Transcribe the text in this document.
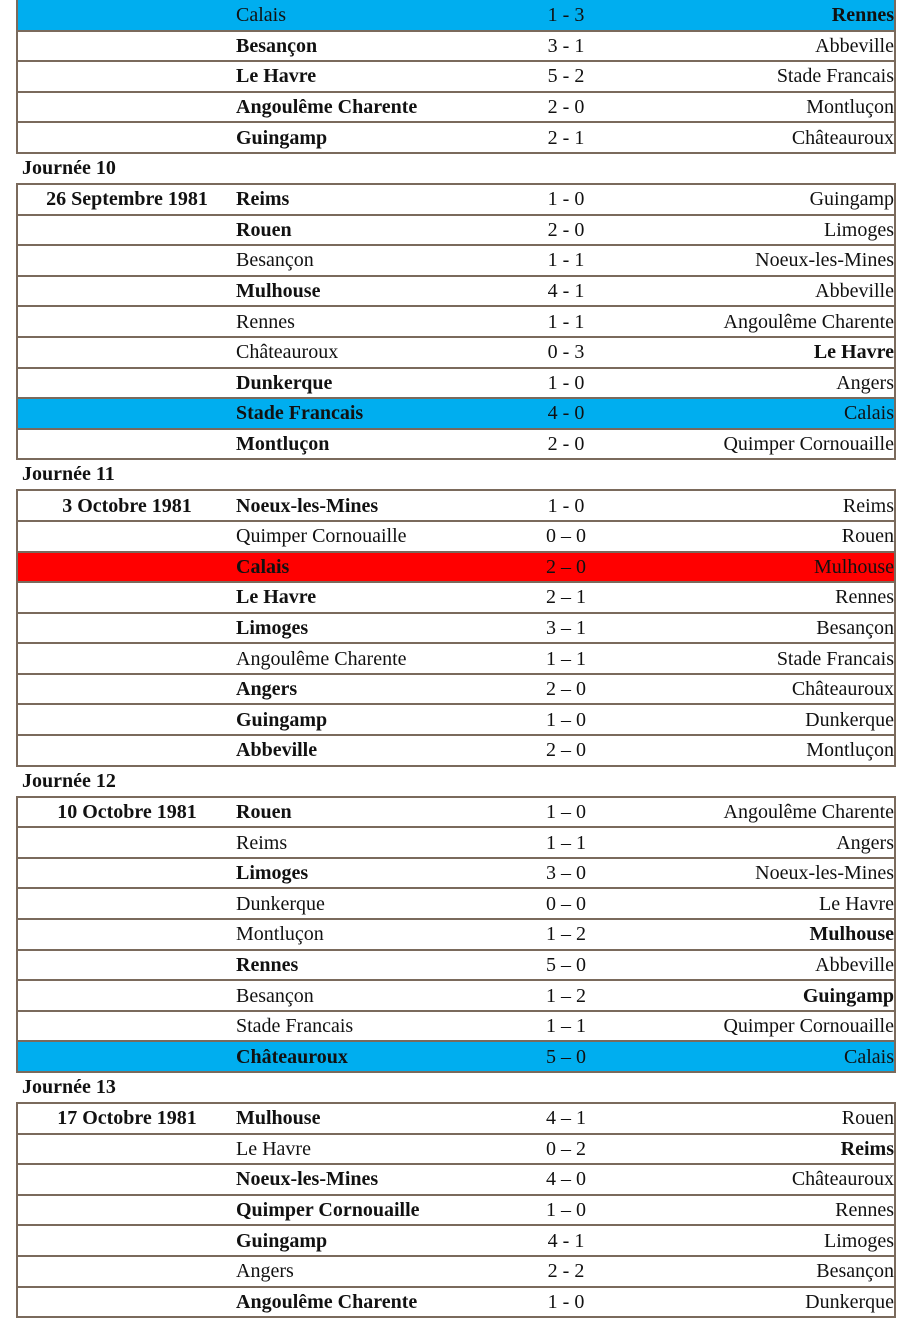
	Calais	1 - 3	Rennes
	Besançon	3 - 1	Abbeville
	Le Havre	5 - 2	Stade Francais
	Angoulême Charente	2 - 0	Montluçon
	Guingamp	2 - 1	Châteauroux
Journée 10
26 Septembre 1981	Reims	1 - 0	Guingamp
	Rouen	2 - 0	Limoges
	Besançon	1 - 1	Noeux-les-Mines
	Mulhouse	4 - 1	Abbeville
	Rennes	1 - 1	Angoulême Charente
	Châteauroux	0 - 3	Le Havre
	Dunkerque	1 - 0	Angers
	Stade Francais	4 - 0	Calais
	Montluçon	2 - 0	Quimper Cornouaille
Journée 11
3 Octobre 1981	Noeux-les-Mines	1 - 0	Reims
	Quimper Cornouaille	0 – 0	Rouen
	Calais	2 – 0	Mulhouse
	Le Havre	2 – 1	Rennes
	Limoges	3 – 1	Besançon
	Angoulême Charente	1 – 1	Stade Francais
	Angers	2 – 0	Châteauroux
	Guingamp	1 – 0	Dunkerque
	Abbeville	2 – 0	Montluçon
Journée 12
10 Octobre 1981	Rouen	1 – 0	Angoulême Charente
	Reims	1 – 1	Angers
	Limoges	3 – 0	Noeux-les-Mines
	Dunkerque	0 – 0	Le Havre
	Montluçon	1 – 2	Mulhouse
	Rennes	5 – 0	Abbeville
	Besançon	1 – 2	Guingamp
	Stade Francais	1 – 1	Quimper Cornouaille
	Châteauroux	5 – 0	Calais
Journée 13
17 Octobre 1981	Mulhouse	4 – 1	Rouen
	Le Havre	0 – 2	Reims
	Noeux-les-Mines	4 – 0	Châteauroux
	Quimper Cornouaille	1 – 0	Rennes
	Guingamp	4 - 1	Limoges
	Angers	2 - 2	Besançon
	Angoulême Charente	1 - 0	Dunkerque
